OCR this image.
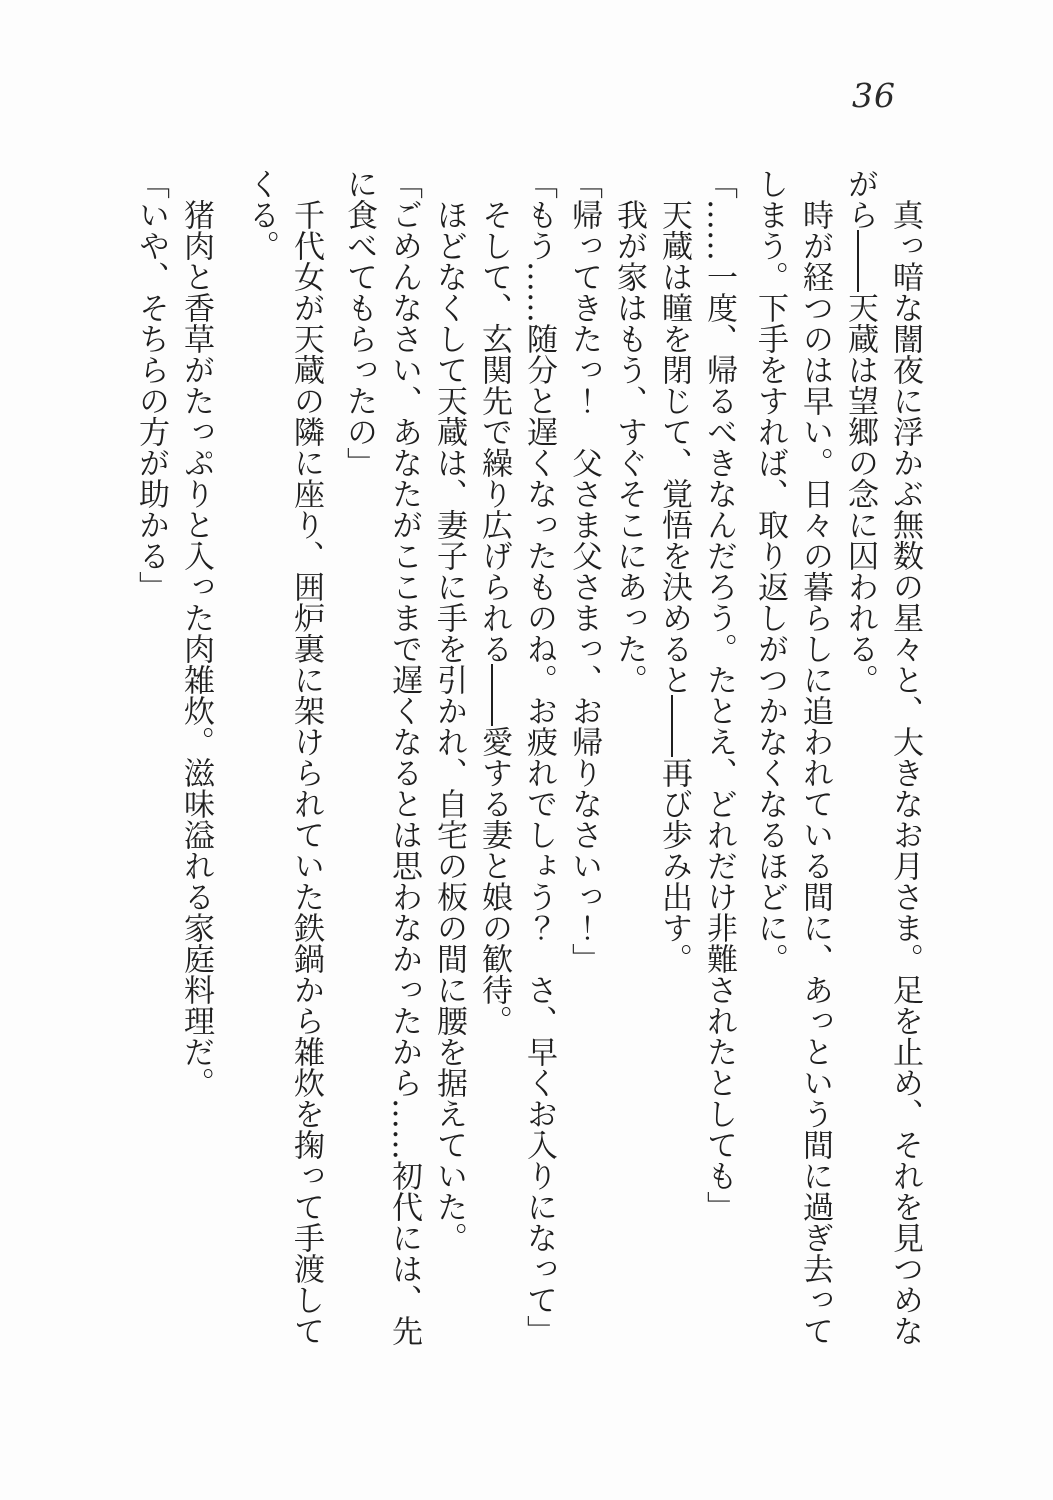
36

真っ暗な闇夜に浮かぶ無数の星々と、大きなお月さま。足を止め、それを見つめながら――天蔵は望郷の念に囚われる。

時が経つのは早い。日々の暮らしに追われている間に、あっという間に過ぎ去ってしまう。下手をすれば、取り返しがつかなくなるほどに。

「……一度、帰るべきなんだろう。たとえ、どれだけ非難されたとしても」

天蔵は瞳を閉じて、覚悟を決めると――再び歩み出す。

我が家はもう、すぐそこにあった。

「帰ってきたっ！　父さま父さまっ、お帰りなさいっ！」

「もう……随分と遅くなったものね。お疲れでしょう？　さ、早くお入りになって」

そして、玄関先で繰り広げられる――愛する妻と娘の歓待。

ほどなくして天蔵は、妻子に手を引かれ、自宅の板の間に腰を据えていた。

「ごめんなさい、あなたがここまで遅くなるとは思わなかったから……初代には、先に食べてもらったの」

千代女が天蔵の隣に座り、囲炉裏に架けられていた鉄鍋から雑炊を掬って手渡してくる。

猪肉と香草がたっぷりと入った肉雑炊。滋味溢れる家庭料理だ。

「いや、そちらの方が助かる」
